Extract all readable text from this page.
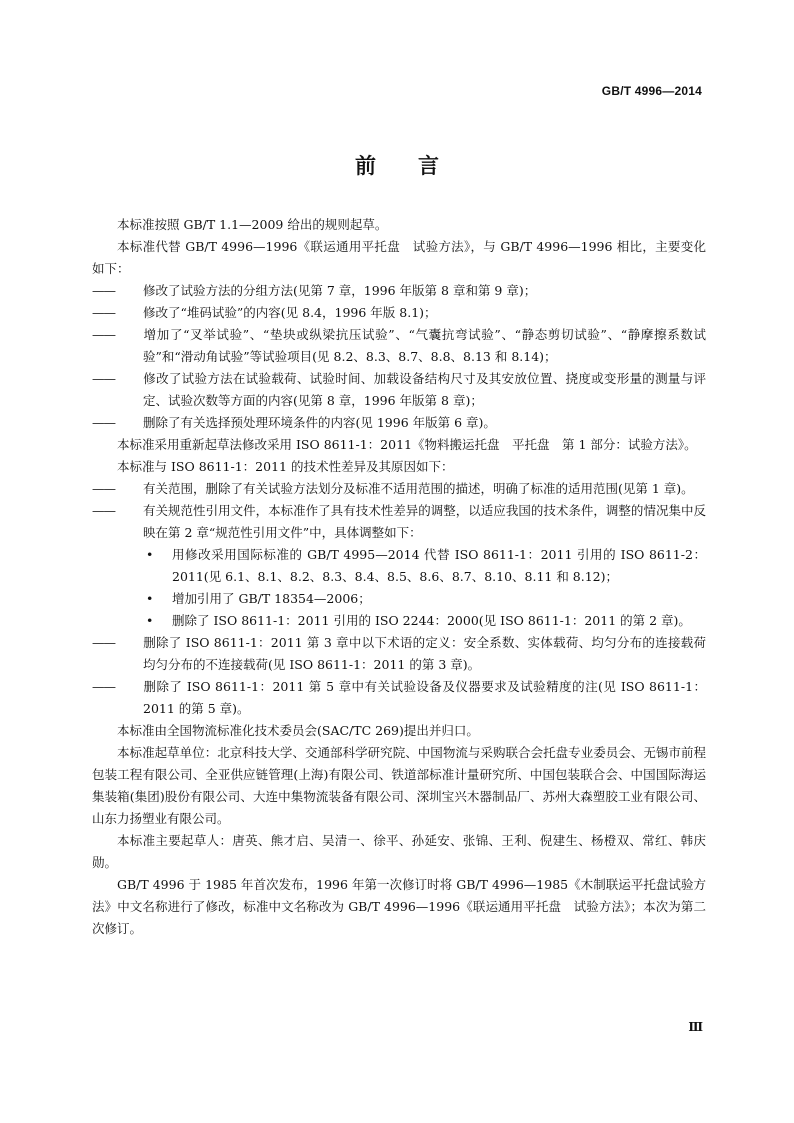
GB/T 4996—2014

前 言

本标准按照 GB/T 1.1—2009 给出的规则起草。

本标准代替 GB/T 4996—1996《联运通用平托盘　试验方法》，与 GB/T 4996—1996 相比，主要变化如下：

—— 修改了试验方法的分组方法(见第 7 章，1996 年版第 8 章和第 9 章)；

—— 修改了“堆码试验”的内容(见 8.4，1996 年版 8.1)；

—— 增加了“叉举试验”、“垫块或纵梁抗压试验”、“气囊抗弯试验”、“静态剪切试验”、“静摩擦系数试验”和“滑动角试验”等试验项目(见 8.2、8.3、8.7、8.8、8.13 和 8.14)；

—— 修改了试验方法在试验载荷、试验时间、加载设备结构尺寸及其安放位置、挠度或变形量的测量与评定、试验次数等方面的内容(见第 8 章，1996 年版第 8 章)；

—— 删除了有关选择预处理环境条件的内容(见 1996 年版第 6 章)。

本标准采用重新起草法修改采用 ISO 8611-1：2011《物料搬运托盘　平托盘　第 1 部分：试验方法》。

本标准与 ISO 8611-1：2011 的技术性差异及其原因如下：

—— 有关范围，删除了有关试验方法划分及标准不适用范围的描述，明确了标准的适用范围(见第 1 章)。

—— 有关规范性引用文件，本标准作了具有技术性差异的调整，以适应我国的技术条件，调整的情况集中反映在第 2 章“规范性引用文件”中，具体调整如下：

• 用修改采用国际标准的 GB/T 4995—2014 代替 ISO 8611-1：2011 引用的 ISO 8611-2：2011(见 6.1、8.1、8.2、8.3、8.4、8.5、8.6、8.7、8.10、8.11 和 8.12)；

• 增加引用了 GB/T 18354—2006；

• 删除了 ISO 8611-1：2011 引用的 ISO 2244：2000(见 ISO 8611-1：2011 的第 2 章)。

—— 删除了 ISO 8611-1：2011 第 3 章中以下术语的定义：安全系数、实体载荷、均匀分布的连接载荷均匀分布的不连接载荷(见 ISO 8611-1：2011 的第 3 章)。

—— 删除了 ISO 8611-1：2011 第 5 章中有关试验设备及仪器要求及试验精度的注(见 ISO 8611-1：2011 的第 5 章)。

本标准由全国物流标准化技术委员会(SAC/TC 269)提出并归口。

本标准起草单位：北京科技大学、交通部科学研究院、中国物流与采购联合会托盘专业委员会、无锡市前程包装工程有限公司、全亚供应链管理(上海)有限公司、铁道部标准计量研究所、中国包装联合会、中国国际海运集装箱(集团)股份有限公司、大连中集物流装备有限公司、深圳宝兴木器制品厂、苏州大森塑胶工业有限公司、山东力扬塑业有限公司。

本标准主要起草人：唐英、熊才启、吴清一、徐平、孙延安、张锦、王利、倪建生、杨橙双、常红、韩庆勋。

GB/T 4996 于 1985 年首次发布，1996 年第一次修订时将 GB/T 4996—1985《木制联运平托盘试验方法》中文名称进行了修改，标准中文名称改为 GB/T 4996—1996《联运通用平托盘　试验方法》；本次为第二次修订。

Ⅲ
